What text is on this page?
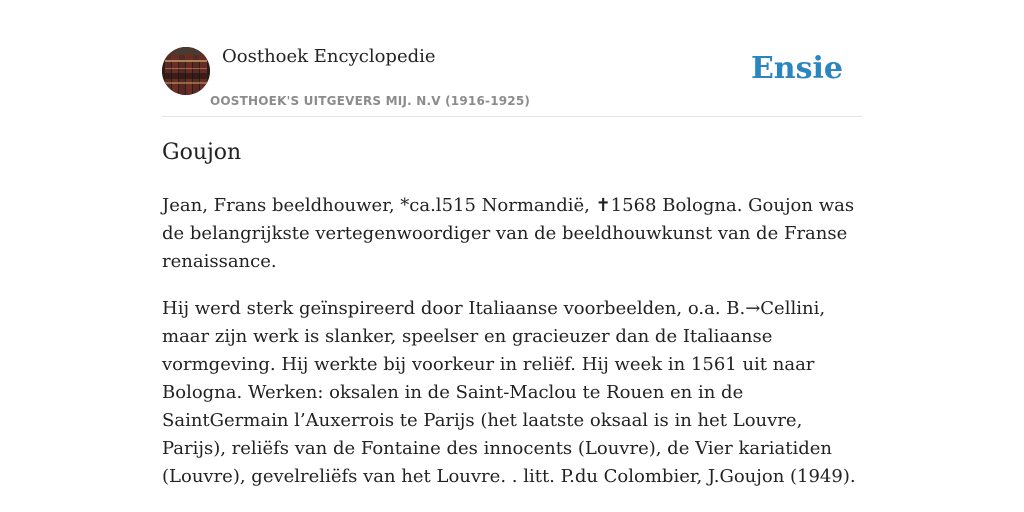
Oosthoek Encyclopedie
OOSTHOEK'S UITGEVERS MIJ. N.V (1916-1925)
Ensie
Goujon

Jean, Frans beeldhouwer, *ca.l515 Normandië, ✝1568 Bologna. Goujon was de belangrijkste vertegenwoordiger van de beeldhouwkunst van de Franse renaissance.

Hij werd sterk geïnspireerd door Italiaanse voorbeelden, o.a. B.→Cellini, maar zijn werk is slanker, speelser en gracieuzer dan de Italiaanse vormgeving. Hij werkte bij voorkeur in reliëf. Hij week in 1561 uit naar Bologna. Werken: oksalen in de Saint-Maclou te Rouen en in de SaintGermain l’Auxerrois te Parijs (het laatste oksaal is in het Louvre, Parijs), reliëfs van de Fontaine des innocents (Louvre), de Vier kariatiden (Louvre), gevelreliëfs van het Louvre. . litt. P.du Colombier, J.Goujon (1949).
